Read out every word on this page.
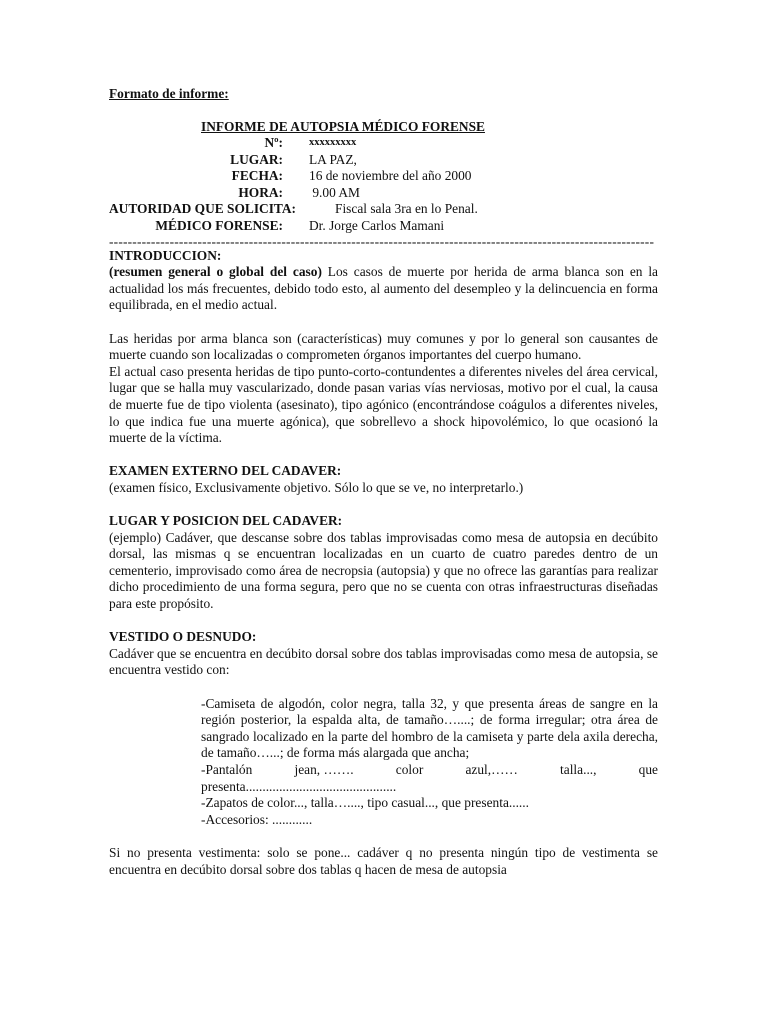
Formato de informe:
INFORME DE AUTOPSIA MÉDICO FORENSE
Nº:	xxxxxxxxx
LUGAR:	LA PAZ,
FECHA:	16 de noviembre del año 2000
HORA:	9.00 AM
AUTORIDAD QUE SOLICITA:	Fiscal sala 3ra en lo Penal.
MÉDICO FORENSE:	Dr. Jorge Carlos Mamani
---------------------------------------------------------------------------------------------------------------------
INTRODUCCION:

(resumen general o global del caso) Los casos de muerte por herida de arma blanca son en la actualidad los más frecuentes, debido todo esto, al aumento del desempleo y la delincuencia en forma equilibrada, en el medio actual.

Las heridas por arma blanca son (características) muy comunes y por lo general son causantes de muerte cuando son localizadas o comprometen órganos importantes del cuerpo humano.

El actual caso presenta heridas de tipo punto-corto-contundentes a diferentes niveles del área cervical, lugar que se halla muy vascularizado, donde pasan varias vías nerviosas, motivo por el cual, la causa de muerte fue de tipo violenta (asesinato), tipo agónico (encontrándose coágulos a diferentes niveles, lo que indica fue una muerte agónica), que sobrellevo a shock hipovolémico, lo que ocasionó la muerte de la víctima.

EXAMEN EXTERNO DEL CADAVER:

(examen físico, Exclusivamente objetivo. Sólo lo que se ve, no interpretarlo.)

LUGAR Y POSICION DEL CADAVER:

(ejemplo) Cadáver, que descanse sobre dos tablas improvisadas como mesa de autopsia en decúbito dorsal, las mismas q se encuentran localizadas en un cuarto de cuatro paredes dentro de un cementerio, improvisado como área de necropsia (autopsia) y que no ofrece las garantías para realizar dicho procedimiento de una forma segura, pero que no se cuenta con otras infraestructuras diseñadas para este propósito.

VESTIDO O DESNUDO:

Cadáver que se encuentra en decúbito dorsal sobre dos tablas improvisadas como mesa de autopsia, se encuentra vestido con:

-Camiseta de algodón, color negra, talla 32, y que presenta áreas de sangre en la región posterior, la espalda alta, de tamaño…....; de forma irregular; otra área de sangrado localizado en la parte del hombro de la camiseta y parte dela axila derecha, de tamaño…...; de forma más alargada que ancha;

-Pantalón	jean, …….	color	azul,……	talla...,	que

presenta.............................................

-Zapatos de color..., talla…...., tipo casual..., que presenta......

-Accesorios: ............

Si no presenta vestimenta: solo se pone... cadáver q no presenta ningún tipo de vestimenta se encuentra en decúbito dorsal sobre dos tablas q hacen de mesa de autopsia
